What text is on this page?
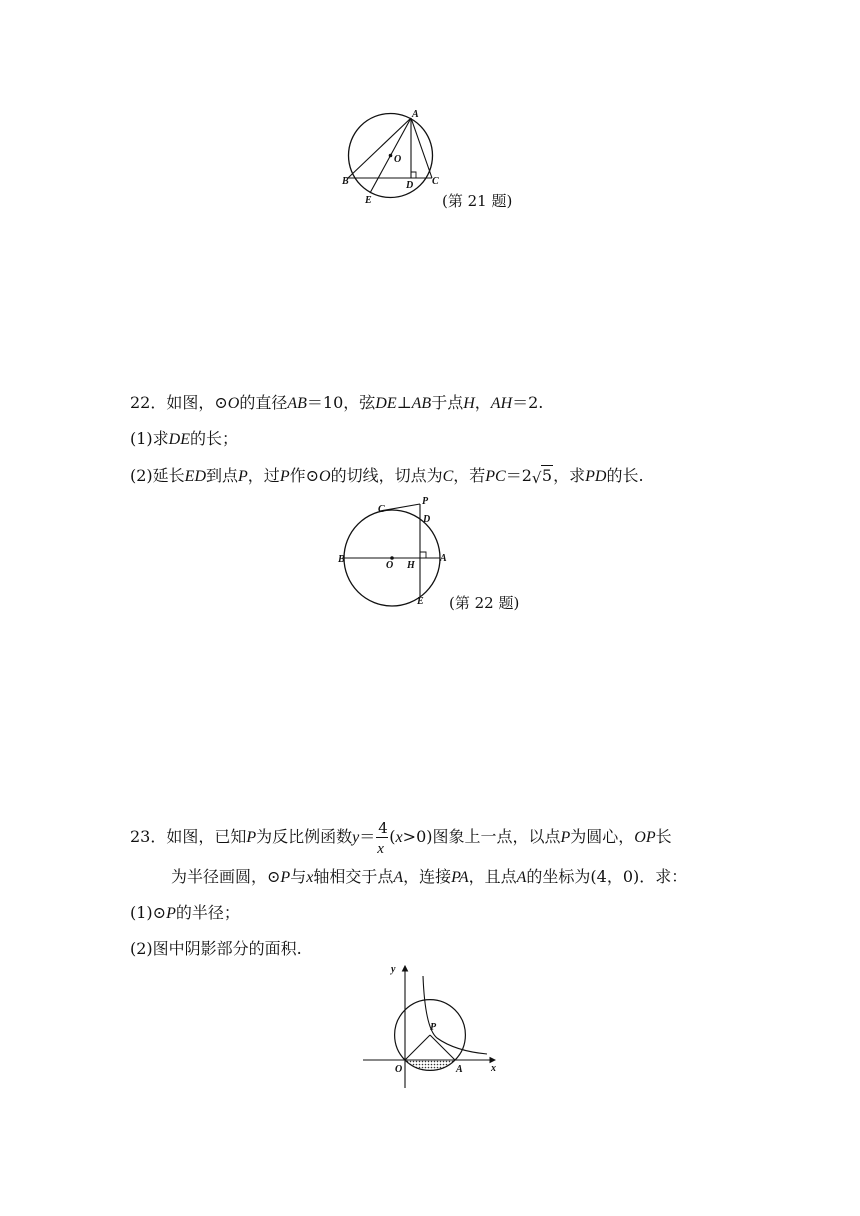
A
O
B	D C
E	(第 21 题)
22．如图，⊙O的直径AB＝10，弦DE⊥AB于点H，AH＝2.
(1)求DE的长；
(2)延长ED到点P，过P作⊙O的切线，切点为C，若PC＝2 √ 5，求PD的长.
C
P
D
B
O H
A
E (第 22 题)
23．如图，已知P为反比例函数$y= \frac{4}{x} (x>0)$图象上一点，以点P为圆心，OP长
为半径画圆，⊙P与x轴相交于点A，连接PA，且点A的坐标为(4，0)．求：
(1)⊙P的半径；
(2)图中阴影部分的面积.
y
P
O	A	x
